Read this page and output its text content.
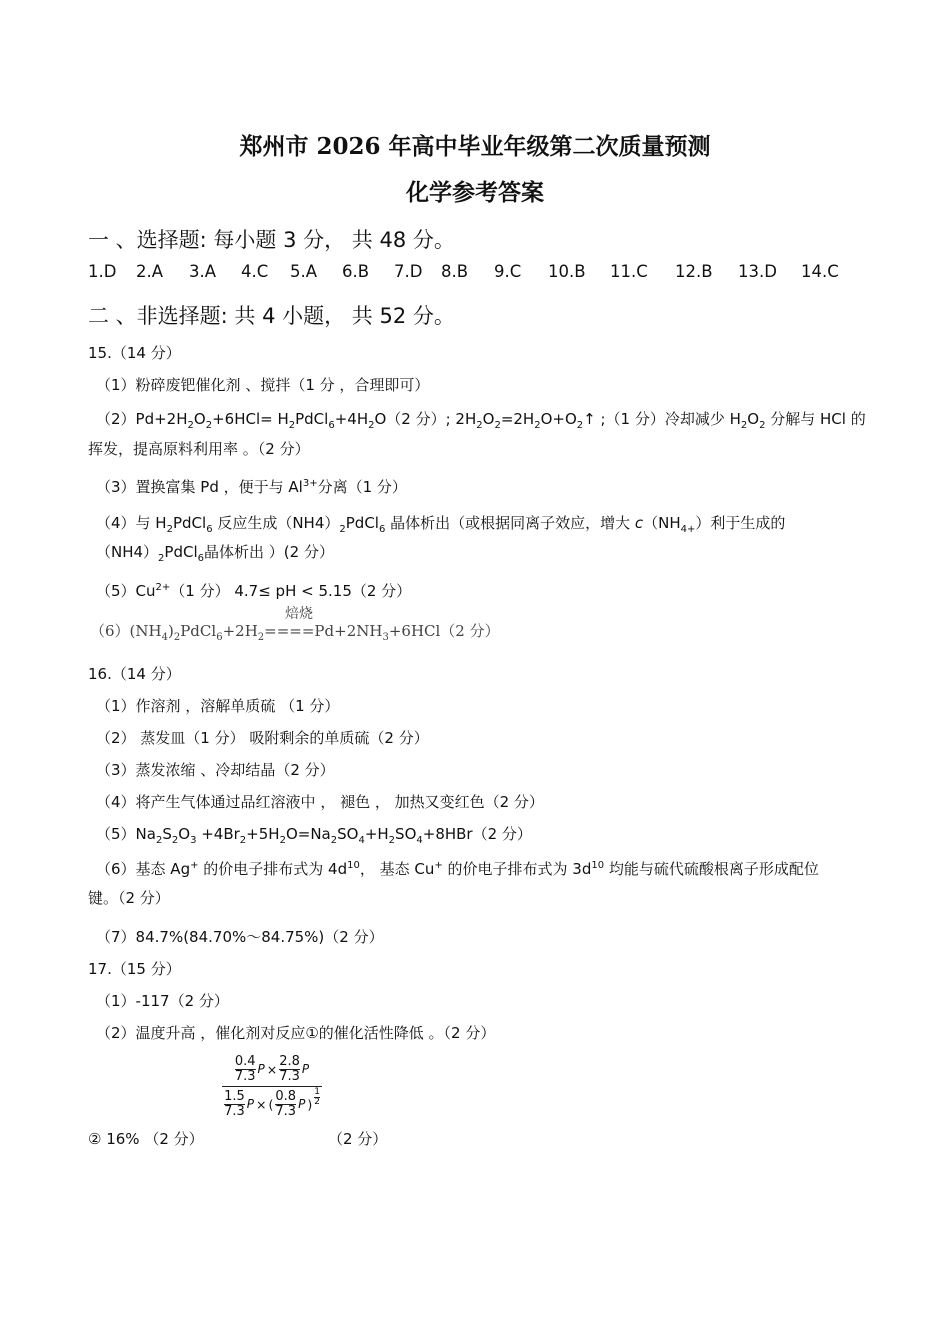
郑州市 2026 年高中毕业年级第二次质量预测
化学参考答案
一 、选择题: 每小题 3 分， 共 48 分。
1.D 2.A 3.A 4.C 5.A 6.B 7.D 8.B 9.C 10.B 11.C 12.B 13.D 14.C
二 、非选择题: 共 4 小题， 共 52 分。
15.（14 分）
（1）粉碎废钯催化剂 、搅拌（1 分 ，合理即可）
$(2)Pd+2H_2O_2+6HCl=$ $H_2PdCl_6+4H_2O(2$ 分）; $2H_2O_2=2H_2O+O_2↑$ ;（1 分）冷却减少 $H_2O_2$ 分解与 HCl 的
挥发，提高原料利用率 。（2 分）
（3）置换富集 Pd ，便于与 $Al^{3+}$分离（1 分）
（4）与 $H_2PdCl_6$ 反应生成$(NH4)_2PdCl_6$ 晶体析出（或根据同离子效应，增大 $c(NH_{4+})$利于生成的
$(NH4)_2PdCl_6$晶体析出 ）(2 分）
$(5)Cu^{2+}(1$ 分） 4.7≤ pH < 5.15（2 分）
焙烧
$(6)(NH_4)_2PdCl_6+2H_2====Pd+2NH_3+6HCl(2$ 分）
16.（14 分）
（1）作溶剂 ，溶解单质硫 （1 分）
（2） 蒸发皿（1 分） 吸附剩余的单质硫（2 分）
（3）蒸发浓缩 、冷却结晶（2 分）
（4）将产生气体通过品红溶液中 ， 褪色 ， 加热又变红色（2 分）
$(5)Na_2S_2O_3 +4Br_2+5H_2O=Na_2SO_4+H_2SO_4+8HBr(2$ 分）
（6）基态 Ag+ 的价电子排布式为 $4d^{10}$， 基态 Cu+ 的价电子排布式为 $3d^{10}$ 均能与硫代硫酸根离子形成配位
键。（2 分）
（7）84.7%(84.70%～84.75%)（2 分）
17.（15 分）
（1）-117（2 分）
（2）温度升高 ，催化剂对反应①的催化活性降低 。（2 分）
$\frac{0.4}{7.3}$ $P \times \frac{2.8}{7.3}$ P
$\frac{1.5}{7.3}$ P × ( $\frac{0.8}{7.3}$ P ) $\frac{1}{2}$
② 16% （2 分）	（2 分）
